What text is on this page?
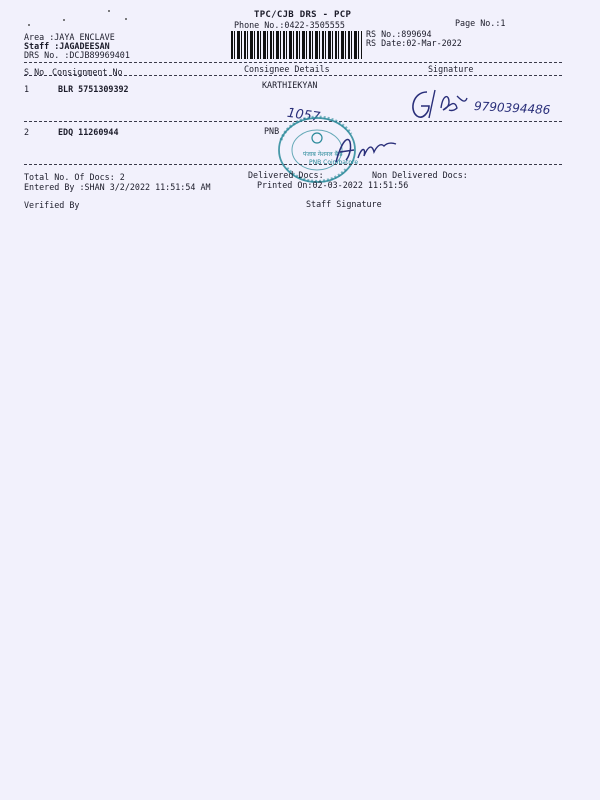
TPC/CJB DRS - PCP
Phone No.:0422-3505555	Page No.:1
Area :JAYA ENCLAVE
Staff :JAGADEESAN
DRS No. :DCJB89969401
RS No.:899694
RS Date:02-Mar-2022
S No Consignment No	Consignee Details	Signature
1	BLR 5751309392	KARTHIEKYAN
9790394486
2	EDQ 11260944	PNB
1057
पंजाब नेशनल बैंक
PNB Coimbatore
Total No. Of Docs: 2	Delivered Docs:	Non Delivered Docs:
Entered By :SHAN 3/2/2022 11:51:54 AM	Printed On:02-03-2022 11:51:56
Verified By	Staff Signature
